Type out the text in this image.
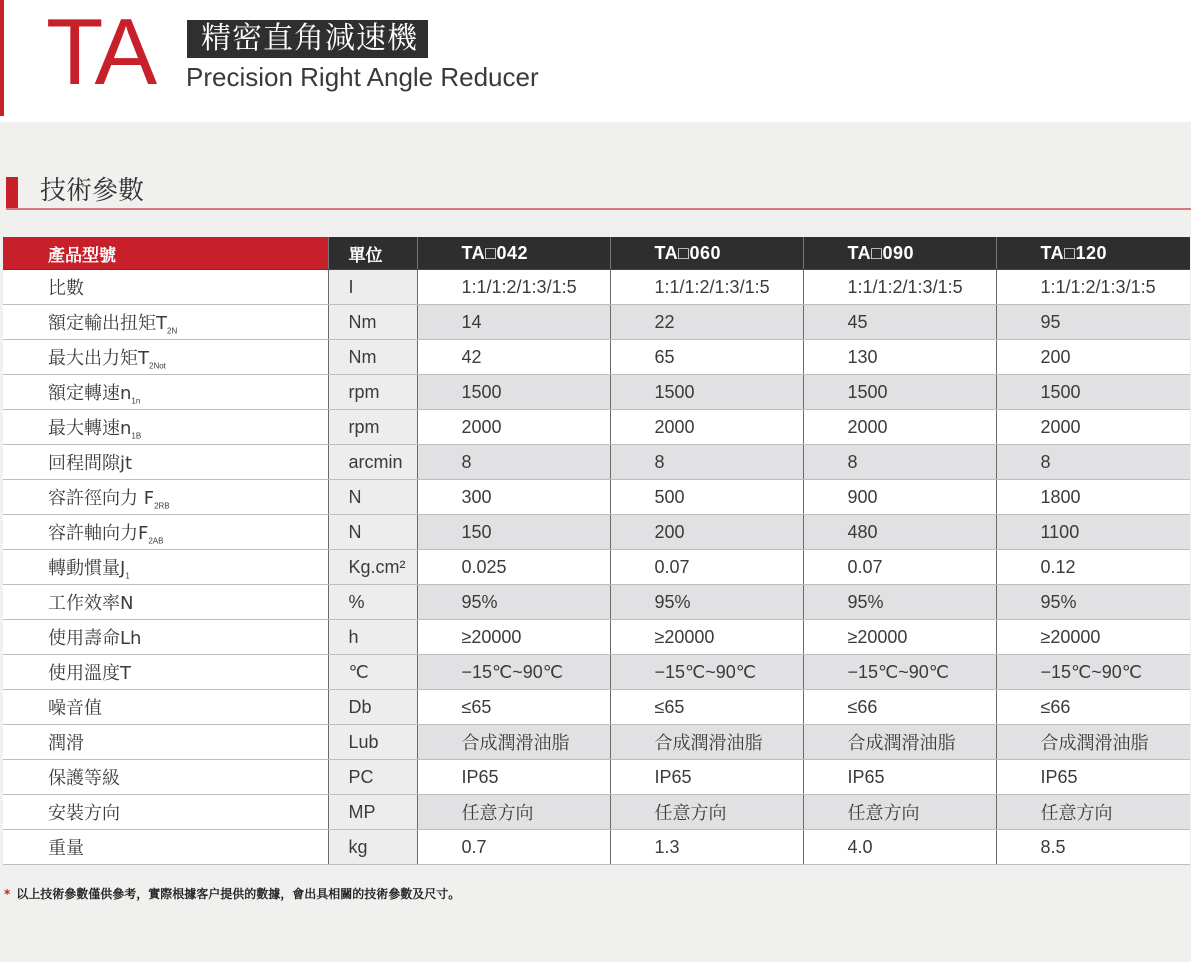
TA	精密直角減速機
Precision Right Angle Reducer
技術參數
產品型號	單位	TA□042	TA□060	TA□090	TA□120
比數	I	1:1/1:2/1:3/1:5	1:1/1:2/1:3/1:5	1:1/1:2/1:3/1:5	1:1/1:2/1:3/1:5
額定輸出扭矩$T_{2N}$	Nm	14	22	45	95
最大出力矩$T_{2Not}$	Nm	42	65	130	200
額定轉速$n_{1n}$	rpm	1500	1500	1500	1500
最大轉速$n_{1B}$	rpm	2000	2000	2000	2000
回程間隙jt	arcmin	8	8	8	8
容許徑向力 $F_{2RB}$	N	300	500	900	1800
容許軸向力$F_{2AB}$	N	150	200	480	1100
轉動慣量$J_1$	Kg.cm²	0.025	0.07	0.07	0.12
工作效率N	%	95%	95%	95%	95%
使用壽命Lh	h	≥20000	≥20000	≥20000	≥20000
使用溫度T	℃	−15℃~90℃	−15℃~90℃	−15℃~90℃	−15℃~90℃
噪音值	Db	≤65	≤65	≤66	≤66
潤滑	Lub	合成潤滑油脂	合成潤滑油脂	合成潤滑油脂	合成潤滑油脂
保護等級	PC	IP65	IP65	IP65	IP65
安裝方向	MP	任意方向	任意方向	任意方向	任意方向
重量	kg	0.7	1.3	4.0	8.5
* 以上技術參數僅供參考，實際根據客户提供的數據，會出具相關的技術參數及尺寸。
